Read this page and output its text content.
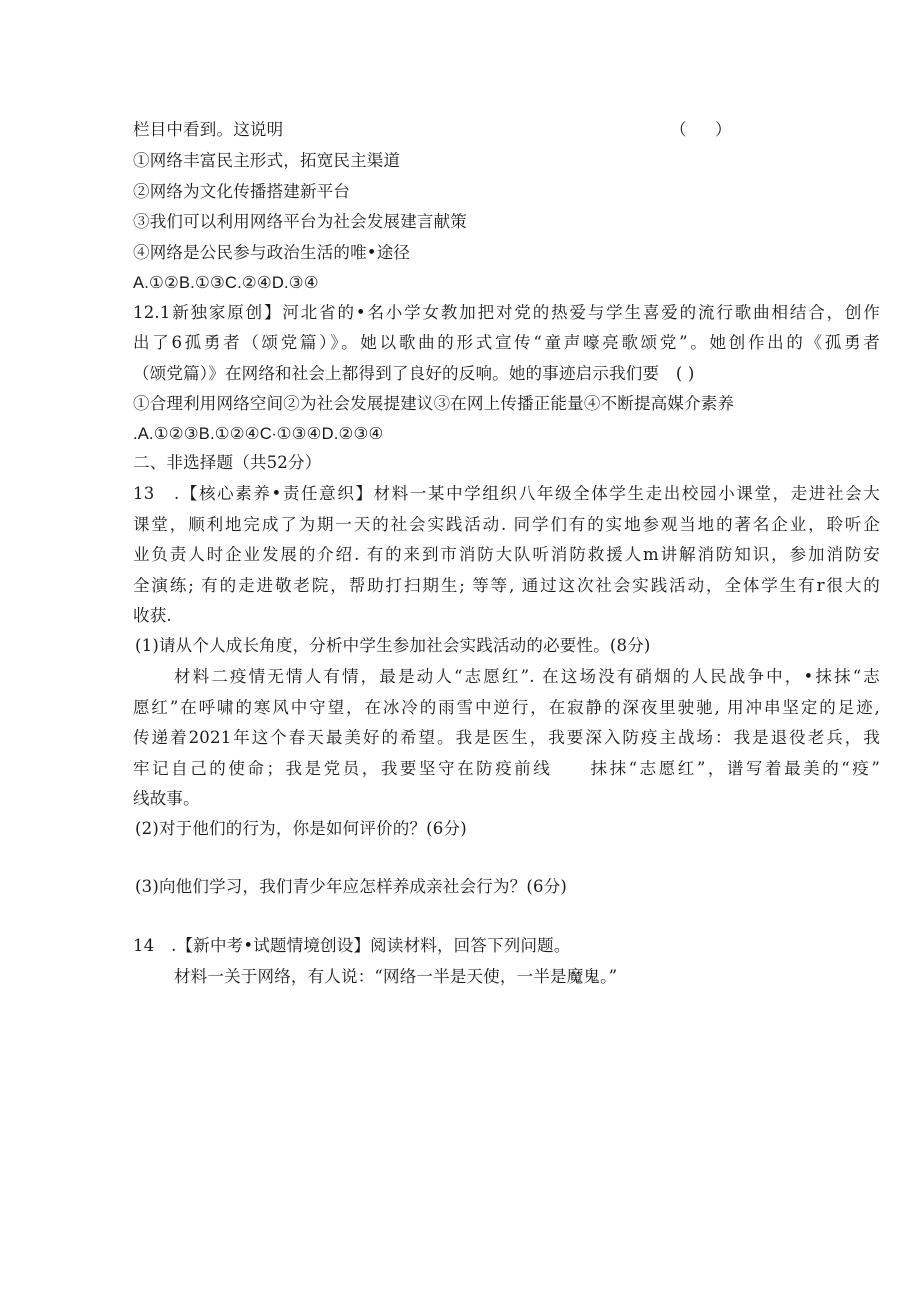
栏目中看到。这说明	（　）
①网络丰富民主形式，拓宽民主渠道
②网络为文化传播搭建新平台
③我们可以利用网络平台为社会发展建言献策
④网络是公民参与政治生活的唯•途径
A.①②B.①③C.②④D.③④
12.1新独家原创】河北省的•名小学女教加把对党的热爱与学生喜爱的流行歌曲相结合，创作
出了6孤勇者（颂党篇）》。她以歌曲的形式宣传“童声嚎亮歌颂党”。她创作出的《孤勇者
（颂党篇）》在网络和社会上都得到了良好的反响。她的事迹启示我们要　( )
①合理利用网络空间②为社会发展提建议③在网上传播正能量④不断提高媒介素养
.A.①②③B.①②④C∙①③④D.②③④
二、非选择题（共52分）
13　.【核心素养•责任意织】材料一某中学组织八年级全体学生走出校园小课堂，走进社会大
课堂，顺利地完成了为期一天的社会实践活动. 同学们有的实地参观当地的著名企业，聆听企
业负责人时企业发展的介绍. 有的来到市消防大队听消防救援人m讲解消防知识，参加消防安
全演练; 有的走进敬老院，帮助打扫期生; 等等, 通过这次社会实践活动，全体学生有r很大的
收获.
(1)请从个人成长角度，分析中学生参加社会实践活动的必要性。(8分)
材料二疫情无情人有情，最是动人“志愿红”. 在这场没有硝烟的人民战争中，•抹抹“志
愿红”在呼啸的寒风中守望，在冰冷的雨雪中逆行，在寂静的深夜里驶驰, 用冲串坚定的足迹,
传递着2021年这个春天最美好的希望。我是医生，我要深入防疫主战场：我是退役老兵，我
牢记自己的使命；我是党员，我要坚守在防疫前线　　抹抹“志愿红”，谱写着最美的“疫”
线故事。
(2)对于他们的行为，你是如何评价的？(6分)
(3)向他们学习，我们青少年应怎样养成亲社会行为？(6分)
14　.【新中考•试题情境创设】阅读材料，回答下列问题。
材料一关于网络，有人说：“网络一半是天使，一半是魔鬼。”
